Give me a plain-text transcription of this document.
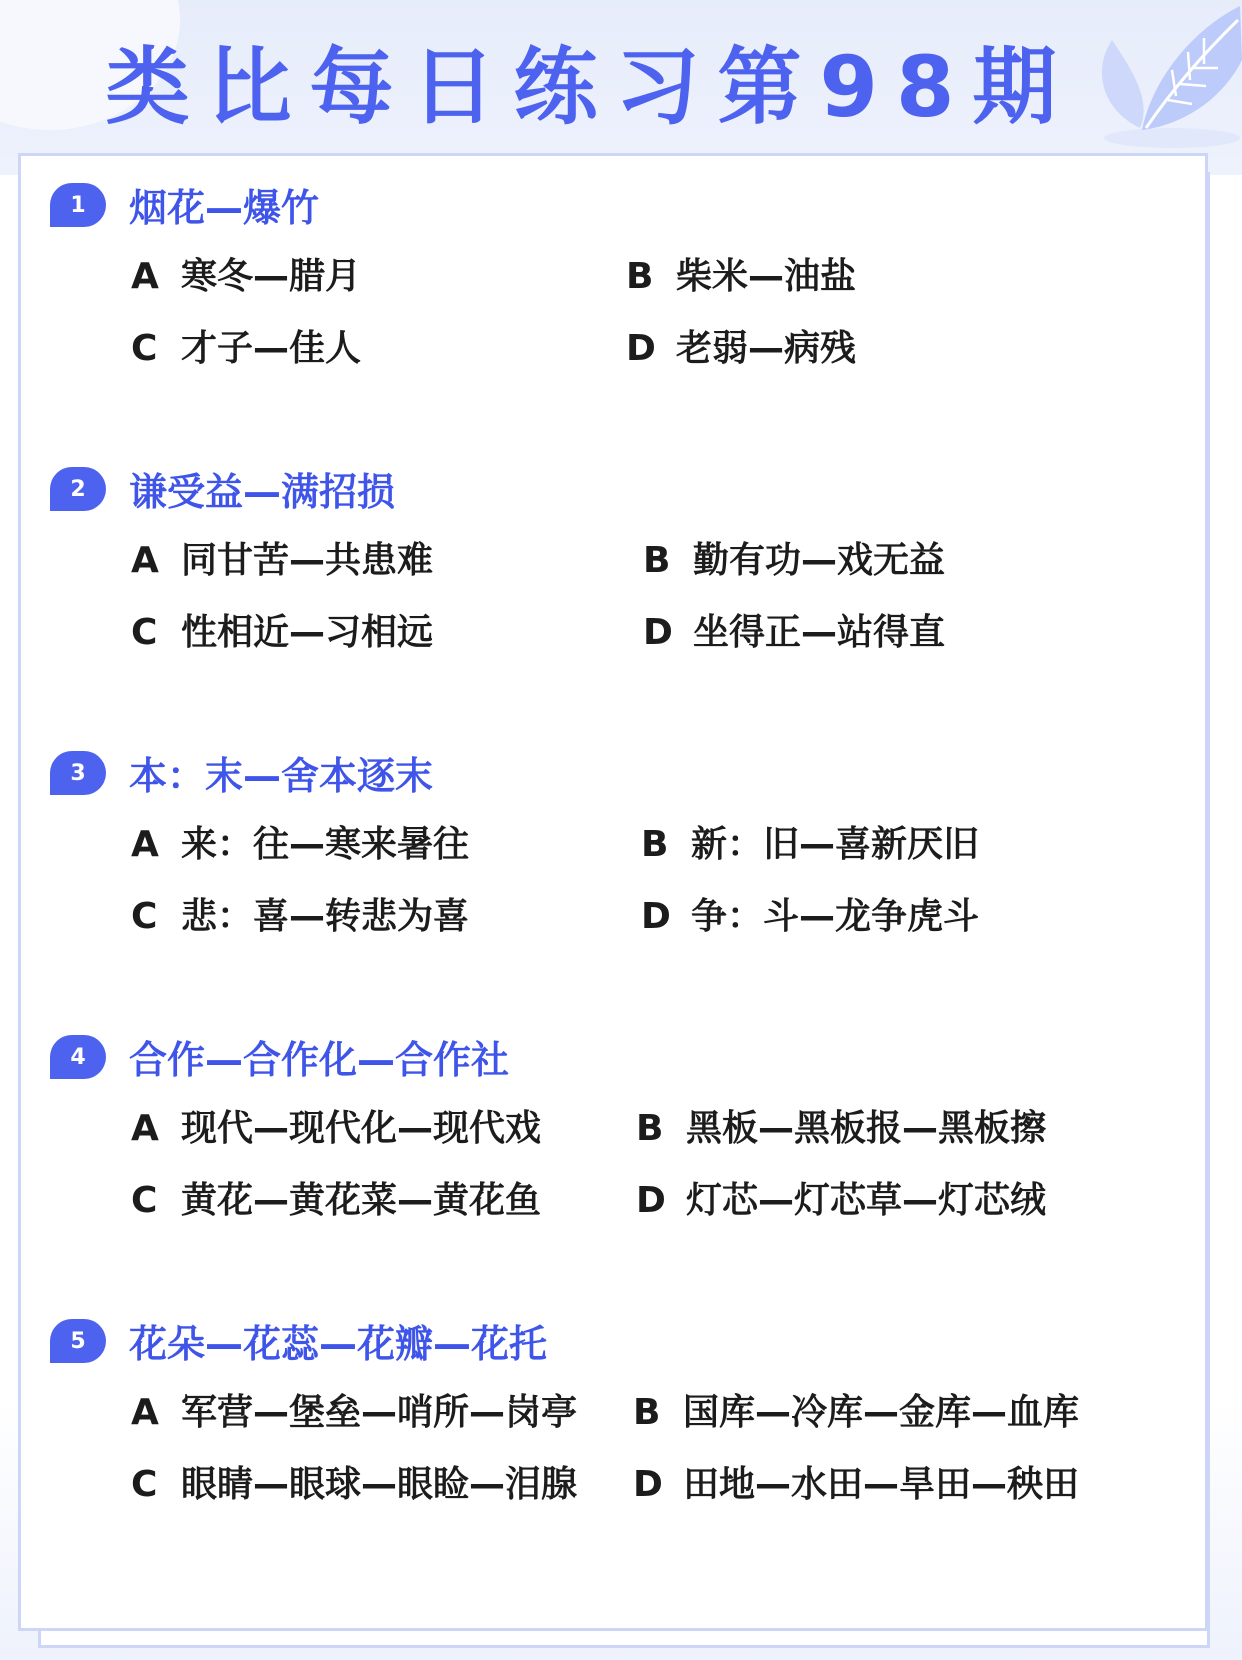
类比每日练习第98期
1	烟花—爆竹
A 寒冬—腊月	B 柴米—油盐
C 才子—佳人	D 老弱—病残
2	谦受益—满招损
A 同甘苦—共患难	B 勤有功—戏无益
C 性相近—习相远	D 坐得正—站得直
3	本：末—舍本逐末
A 来：往—寒来暑往	B 新：旧—喜新厌旧
C 悲：喜—转悲为喜	D 争：斗—龙争虎斗
4	合作—合作化—合作社
A 现代—现代化—现代戏	B 黑板—黑板报—黑板擦
C 黄花—黄花菜—黄花鱼	D 灯芯—灯芯草—灯芯绒
5	花朵—花蕊—花瓣—花托
A 军营—堡垒—哨所—岗亭 B 国库—冷库—金库—血库
C 眼睛—眼球—眼睑—泪腺 D 田地—水田—旱田—秧田
